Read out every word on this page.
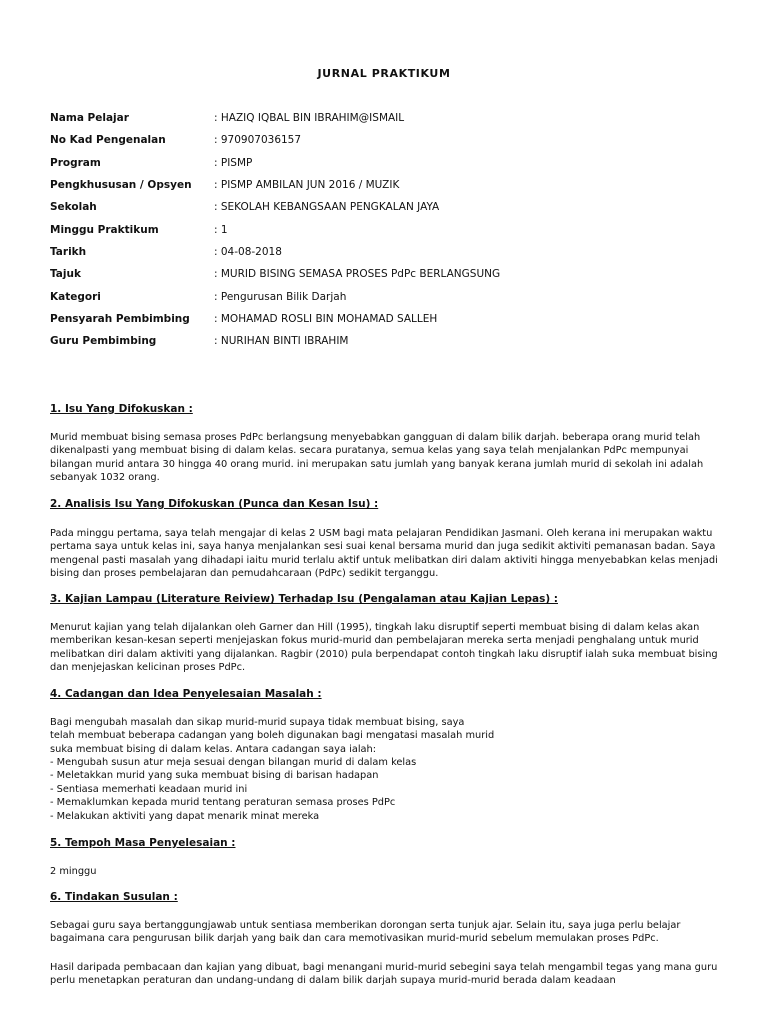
JURNAL PRAKTIKUM
Nama Pelajar	: HAZIQ IQBAL BIN IBRAHIM@ISMAIL
No Kad Pengenalan	: 970907036157
Program	: PISMP
Pengkhususan / Opsyen	: PISMP AMBILAN JUN 2016 / MUZIK
Sekolah	: SEKOLAH KEBANGSAAN PENGKALAN JAYA
Minggu Praktikum	: 1
Tarikh	: 04-08-2018
Tajuk	: MURID BISING SEMASA PROSES PdPc BERLANGSUNG
Kategori	: Pengurusan Bilik Darjah
Pensyarah Pembimbing	: MOHAMAD ROSLI BIN MOHAMAD SALLEH
Guru Pembimbing	: NURIHAN BINTI IBRAHIM
1. Isu Yang Difokuskan :

Murid membuat bising semasa proses PdPc berlangsung menyebabkan gangguan di dalam bilik darjah. beberapa orang murid telah
dikenalpasti yang membuat bising di dalam kelas. secara puratanya, semua kelas yang saya telah menjalankan PdPc mempunyai
bilangan murid antara 30 hingga 40 orang murid. ini merupakan satu jumlah yang banyak kerana jumlah murid di sekolah ini adalah
sebanyak 1032 orang.

2. Analisis Isu Yang Difokuskan (Punca dan Kesan Isu) :

Pada minggu pertama, saya telah mengajar di kelas 2 USM bagi mata pelajaran Pendidikan Jasmani. Oleh kerana ini merupakan waktu
pertama saya untuk kelas ini, saya hanya menjalankan sesi suai kenal bersama murid dan juga sedikit aktiviti pemanasan badan. Saya
mengenal pasti masalah yang dihadapi iaitu murid terlalu aktif untuk melibatkan diri dalam aktiviti hingga menyebabkan kelas menjadi
bising dan proses pembelajaran dan pemudahcaraan (PdPc) sedikit terganggu.

3. Kajian Lampau (Literature Reiview) Terhadap Isu (Pengalaman atau Kajian Lepas) :

Menurut kajian yang telah dijalankan oleh Garner dan Hill (1995), tingkah laku disruptif seperti membuat bising di dalam kelas akan
memberikan kesan-kesan seperti menjejaskan fokus murid-murid dan pembelajaran mereka serta menjadi penghalang untuk murid
melibatkan diri dalam aktiviti yang dijalankan. Ragbir (2010) pula berpendapat contoh tingkah laku disruptif ialah suka membuat bising
dan menjejaskan kelicinan proses PdPc.

4. Cadangan dan Idea Penyelesaian Masalah :

Bagi mengubah masalah dan sikap murid-murid supaya tidak membuat bising, saya
telah membuat beberapa cadangan yang boleh digunakan bagi mengatasi masalah murid
suka membuat bising di dalam kelas. Antara cadangan saya ialah:

- Mengubah susun atur meja sesuai dengan bilangan murid di dalam kelas
- Meletakkan murid yang suka membuat bising di barisan hadapan
- Sentiasa memerhati keadaan murid ini
- Memaklumkan kepada murid tentang peraturan semasa proses PdPc
- Melakukan aktiviti yang dapat menarik minat mereka
5. Tempoh Masa Penyelesaian :

2 minggu

6. Tindakan Susulan :

Sebagai guru saya bertanggungjawab untuk sentiasa memberikan dorongan serta tunjuk ajar. Selain itu, saya juga perlu belajar
bagaimana cara pengurusan bilik darjah yang baik dan cara memotivasikan murid-murid sebelum memulakan proses PdPc.

Hasil daripada pembacaan dan kajian yang dibuat, bagi menangani murid-murid sebegini saya telah mengambil tegas yang mana guru
perlu menetapkan peraturan dan undang-undang di dalam bilik darjah supaya murid-murid berada dalam keadaan
